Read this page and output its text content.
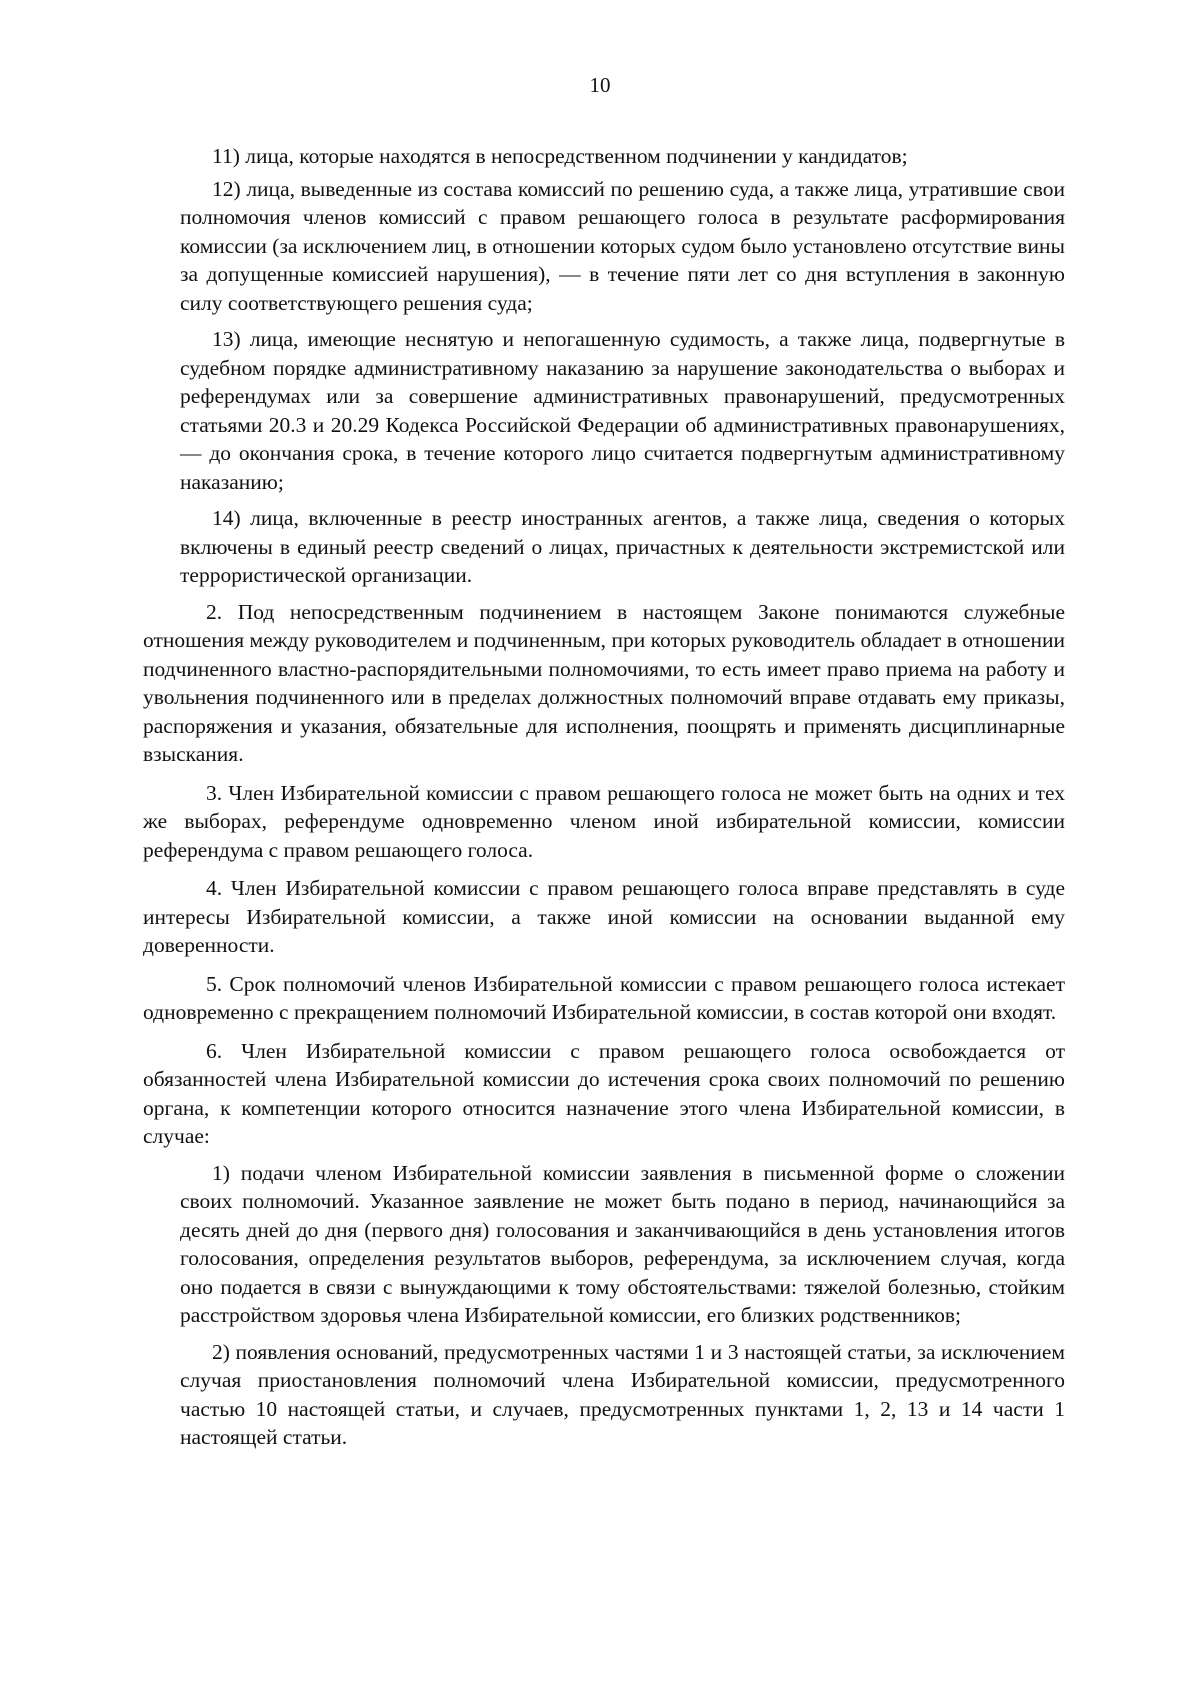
10

11) лица, которые находятся в непосредственном подчинении у кандидатов;

12) лица, выведенные из состава комиссий по решению суда, а также лица, утратившие свои полномочия членов комиссий с правом решающего голоса в результате расформирования комиссии (за исключением лиц, в отношении которых судом было установлено отсутствие вины за допущенные комиссией нарушения), — в течение пяти лет со дня вступления в законную силу соответствующего решения суда;

13) лица, имеющие неснятую и непогашенную судимость, а также лица, подвергнутые в судебном порядке административному наказанию за нарушение законодательства о выборах и референдумах или за совершение административных правонарушений, предусмотренных статьями 20.3 и 20.29 Кодекса Российской Федерации об административных правонарушениях, — до окончания срока, в течение которого лицо считается подвергнутым административному наказанию;

14) лица, включенные в реестр иностранных агентов, а также лица, сведения о которых включены в единый реестр сведений о лицах, причастных к деятельности экстремистской или террористической организации.

2. Под непосредственным подчинением в настоящем Законе понимаются служебные отношения между руководителем и подчиненным, при которых руководитель обладает в отношении подчиненного властно-распорядительными полномочиями, то есть имеет право приема на работу и увольнения подчиненного или в пределах должностных полномочий вправе отдавать ему приказы, распоряжения и указания, обязательные для исполнения, поощрять и применять дисциплинарные взыскания.

3. Член Избирательной комиссии с правом решающего голоса не может быть на одних и тех же выборах, референдуме одновременно членом иной избирательной комиссии, комиссии референдума с правом решающего голоса.

4. Член Избирательной комиссии с правом решающего голоса вправе представлять в суде интересы Избирательной комиссии, а также иной комиссии на основании выданной ему доверенности.

5. Срок полномочий членов Избирательной комиссии с правом решающего голоса истекает одновременно с прекращением полномочий Избирательной комиссии, в состав которой они входят.

6. Член Избирательной комиссии с правом решающего голоса освобождается от обязанностей члена Избирательной комиссии до истечения срока своих полномочий по решению органа, к компетенции которого относится назначение этого члена Избирательной комиссии, в случае:

1) подачи членом Избирательной комиссии заявления в письменной форме о сложении своих полномочий. Указанное заявление не может быть подано в период, начинающийся за десять дней до дня (первого дня) голосования и заканчивающийся в день установления итогов голосования, определения результатов выборов, референдума, за исключением случая, когда оно подается в связи с вынуждающими к тому обстоятельствами: тяжелой болезнью, стойким расстройством здоровья члена Избирательной комиссии, его близких родственников;

2) появления оснований, предусмотренных частями 1 и 3 настоящей статьи, за исключением случая приостановления полномочий члена Избирательной комиссии, предусмотренного частью 10 настоящей статьи, и случаев, предусмотренных пунктами 1, 2, 13 и 14 части 1 настоящей статьи.
